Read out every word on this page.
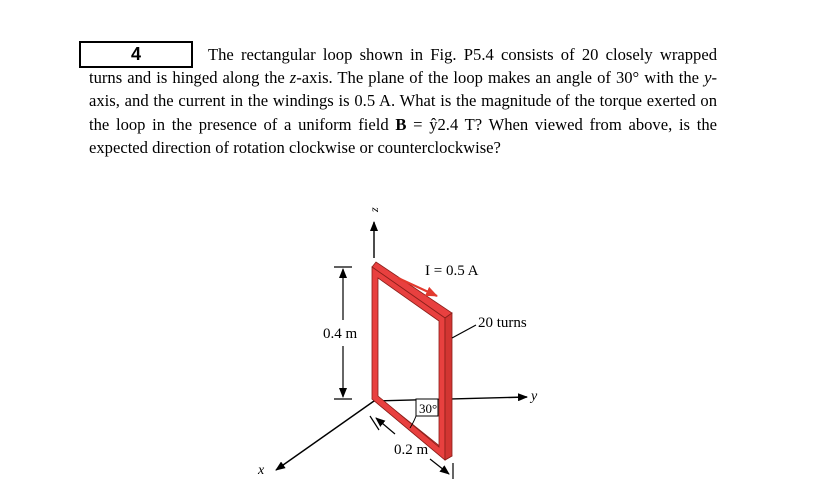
4	The rectangular loop shown in Fig. P5.4 consists of 20 closely wrapped turns and is hinged along the z-axis. The plane of the loop makes an angle of 30° with the y-axis, and the current in the windings is 0.5 A. What is the magnitude of the torque exerted on the loop in the presence of a uniform field B = ŷ2.4 T? When viewed from above, is the expected direction of rotation clockwise or counterclockwise?
z
y
x
I = 0.5 A
20 turns
0.4 m
30°
0.2 m
